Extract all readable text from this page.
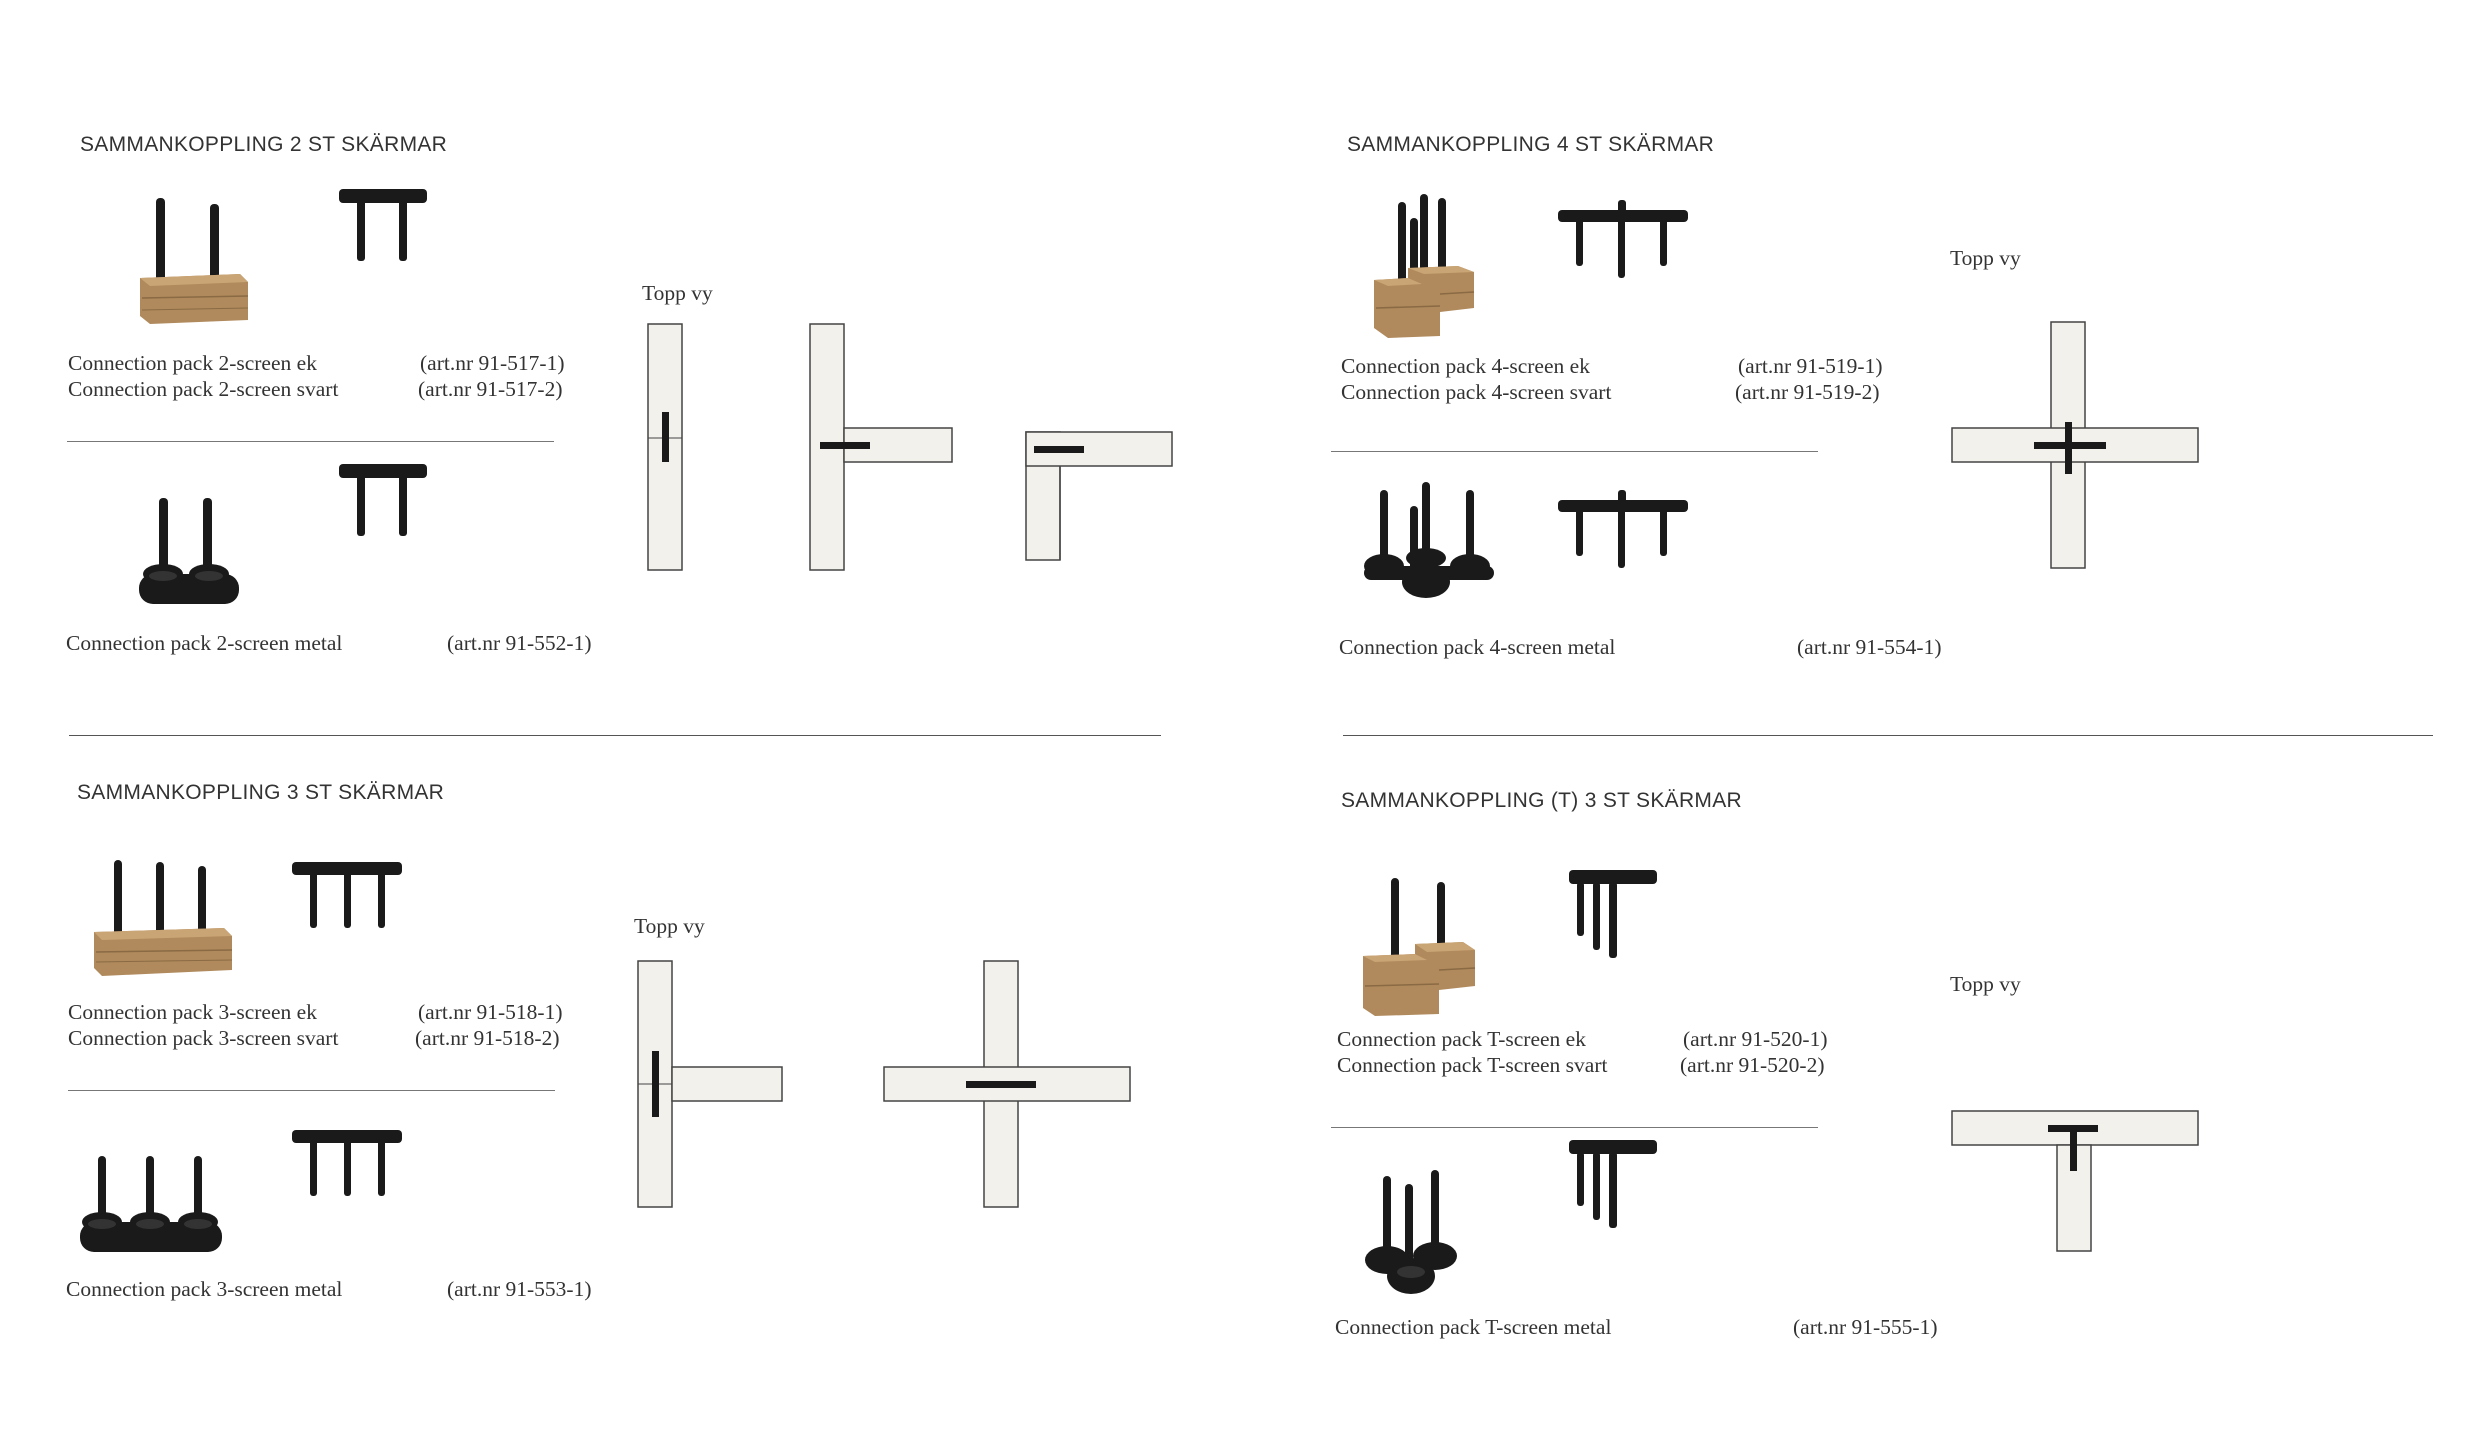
SAMMANKOPPLING 2 ST SKÄRMAR
Connection pack 2-screen ek	(art.nr 91-517-1)
Connection pack 2-screen svart	(art.nr 91-517-2)
Connection pack 2-screen metal	(art.nr 91-552-1)
Topp vy
SAMMANKOPPLING 4 ST SKÄRMAR
Connection pack 4-screen ek	(art.nr 91-519-1)
Connection pack 4-screen svart	(art.nr 91-519-2)
Connection pack 4-screen metal	(art.nr 91-554-1)
Topp vy
SAMMANKOPPLING 3 ST SKÄRMAR
Connection pack 3-screen ek	(art.nr 91-518-1)
Connection pack 3-screen svart	(art.nr 91-518-2)
Connection pack 3-screen metal	(art.nr 91-553-1)
Topp vy
SAMMANKOPPLING (T) 3 ST SKÄRMAR
Connection pack T-screen ek	(art.nr 91-520-1)
Connection pack T-screen svart	(art.nr 91-520-2)
Connection pack T-screen metal	(art.nr 91-555-1)
Topp vy
